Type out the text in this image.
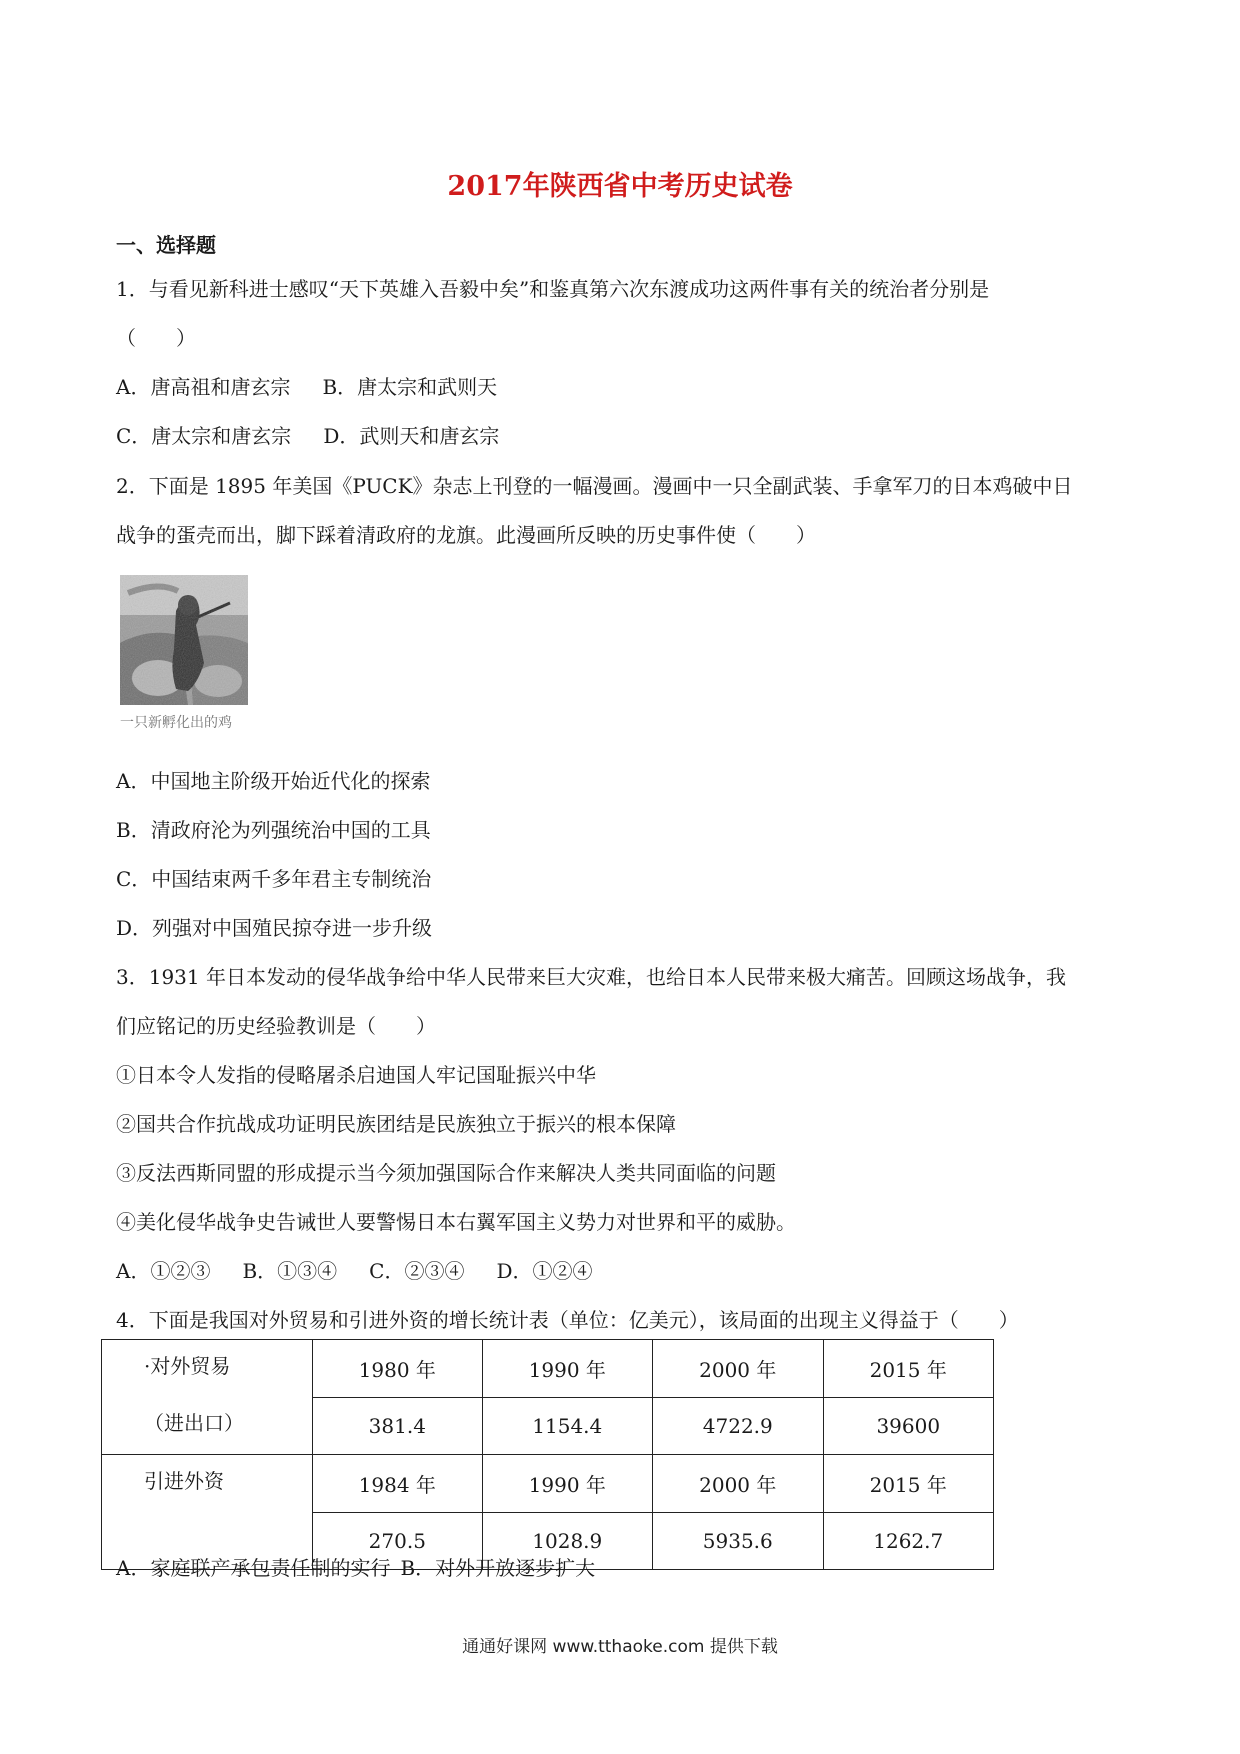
2017年陕西省中考历史试卷
一、选择题
1．与看见新科进士感叹“天下英雄入吾毅中矣”和鉴真第六次东渡成功这两件事有关的统治者分别是
（　　）
A．唐高祖和唐玄宗 B．唐太宗和武则天
C．唐太宗和唐玄宗 D．武则天和唐玄宗
2．下面是 1895 年美国《PUCK》杂志上刊登的一幅漫画。漫画中一只全副武装、手拿军刀的日本鸡破中日
战争的蛋壳而出，脚下踩着清政府的龙旗。此漫画所反映的历史事件使（　　）
一只新孵化出的鸡
A．中国地主阶级开始近代化的探索
B．清政府沦为列强统治中国的工具
C．中国结束两千多年君主专制统治
D．列强对中国殖民掠夺进一步升级
3．1931 年日本发动的侵华战争给中华人民带来巨大灾难，也给日本人民带来极大痛苦。回顾这场战争，我
们应铭记的历史经验教训是（　　）
①日本令人发指的侵略屠杀启迪国人牢记国耻振兴中华
②国共合作抗战成功证明民族团结是民族独立于振兴的根本保障
③反法西斯同盟的形成提示当今须加强国际合作来解决人类共同面临的问题
④美化侵华战争史告诫世人要警惕日本右翼军国主义势力对世界和平的威胁。
A．①②③ B．①③④ C．②③④ D．①②④
4．下面是我国对外贸易和引进外资的增长统计表（单位：亿美元），该局面的出现主义得益于（　　）
·对外贸易	1980 年	1990 年	2000 年	2015 年
（进出口）	381.4	1154.4	4722.9	39600
引进外资	1984 年	1990 年	2000 年	2015 年
	270.5	1028.9	5935.6	1262.7
A．家庭联产承包责任制的实行 B．对外开放逐步扩大
通通好课网 www.tthaoke.com 提供下载
